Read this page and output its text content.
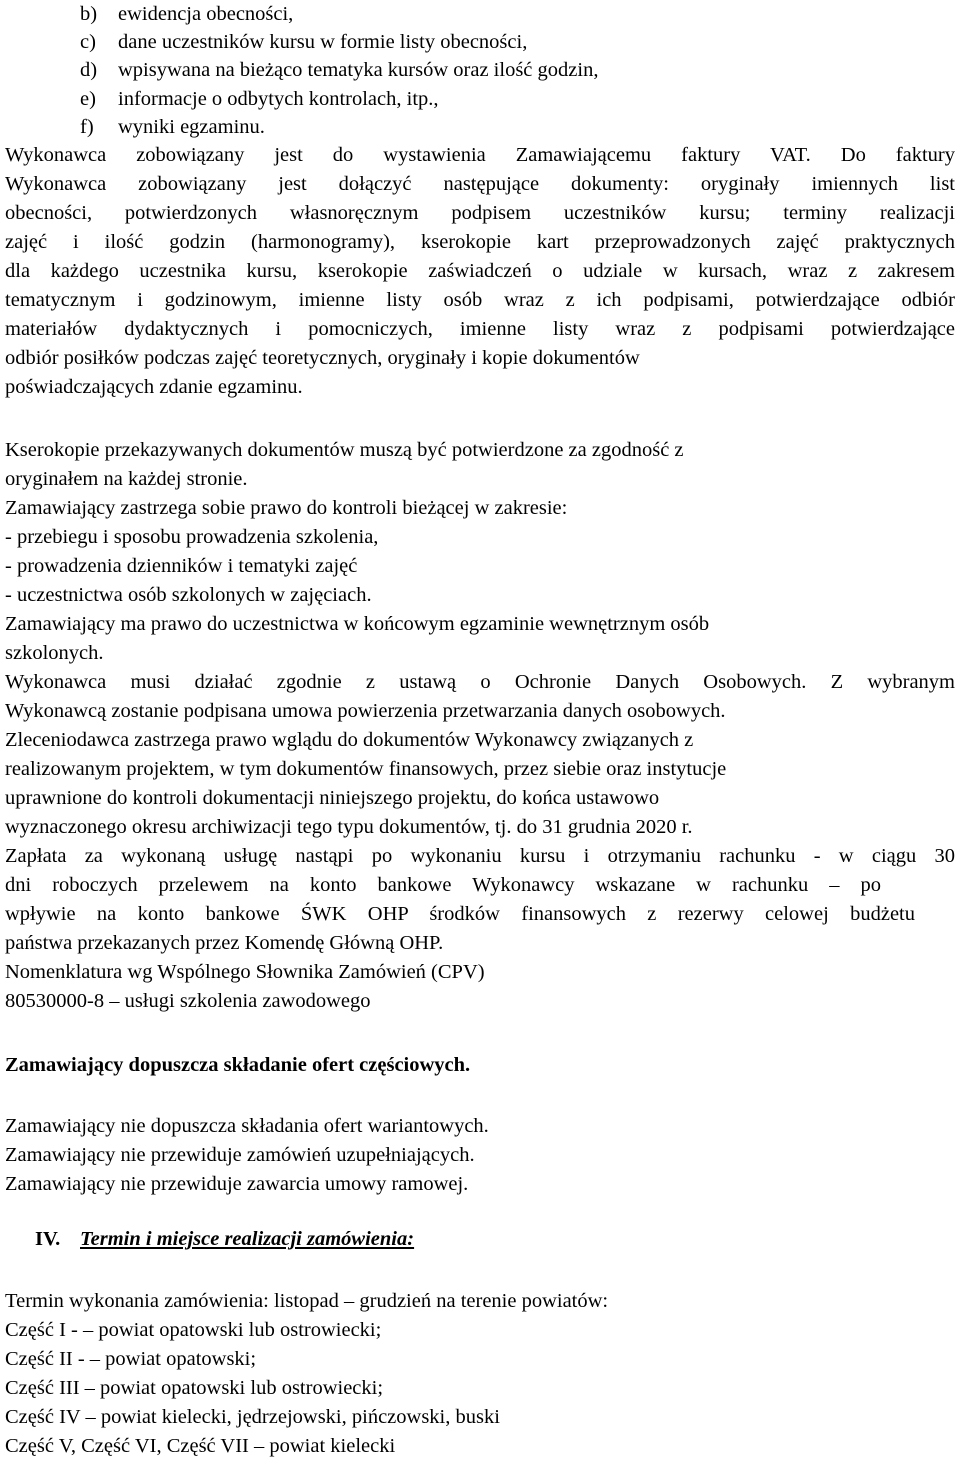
b) ewidencja obecności,
c) dane uczestników kursu w formie listy obecności,
d) wpisywana na bieżąco tematyka kursów oraz ilość godzin,
e) informacje o odbytych kontrolach, itp.,
f) wyniki egzaminu.
Wykonawca zobowiązany jest do wystawienia Zamawiającemu faktury VAT. Do faktury
Wykonawca zobowiązany jest dołączyć następujące dokumenty: oryginały imiennych list
obecności, potwierdzonych własnoręcznym podpisem uczestników kursu; terminy realizacji
zajęć i ilość godzin (harmonogramy), kserokopie kart przeprowadzonych zajęć praktycznych
dla każdego uczestnika kursu, kserokopie zaświadczeń o udziale w kursach, wraz z zakresem
tematycznym i godzinowym, imienne listy osób wraz z ich podpisami, potwierdzające odbiór
materiałów dydaktycznych i pomocniczych, imienne listy wraz z podpisami potwierdzające
odbiór posiłków podczas zajęć teoretycznych, oryginały i kopie dokumentów
poświadczających zdanie egzaminu.
Kserokopie przekazywanych dokumentów muszą być potwierdzone za zgodność z
oryginałem na każdej stronie.
Zamawiający zastrzega sobie prawo do kontroli bieżącej w zakresie:
- przebiegu i sposobu prowadzenia szkolenia,
- prowadzenia dzienników i tematyki zajęć
- uczestnictwa osób szkolonych w zajęciach.
Zamawiający ma prawo do uczestnictwa w końcowym egzaminie wewnętrznym osób
szkolonych.
Wykonawca musi działać zgodnie z ustawą o Ochronie Danych Osobowych. Z wybranym
Wykonawcą zostanie podpisana umowa powierzenia przetwarzania danych osobowych.
Zleceniodawca zastrzega prawo wglądu do dokumentów Wykonawcy związanych z
realizowanym projektem, w tym dokumentów finansowych, przez siebie oraz instytucje
uprawnione do kontroli dokumentacji niniejszego projektu, do końca ustawowo
wyznaczonego okresu archiwizacji tego typu dokumentów, tj. do 31 grudnia 2020 r.
Zapłata za wykonaną usługę nastąpi po wykonaniu kursu i otrzymaniu rachunku - w ciągu 30
dni roboczych przelewem na konto bankowe Wykonawcy wskazane w rachunku – po
wpływie na konto bankowe ŚWK OHP środków finansowych z rezerwy celowej budżetu
państwa przekazanych przez Komendę Główną OHP.
Nomenklatura wg Wspólnego Słownika Zamówień (CPV)
80530000-8 – usługi szkolenia zawodowego
Zamawiający dopuszcza składanie ofert częściowych.
Zamawiający nie dopuszcza składania ofert wariantowych.
Zamawiający nie przewiduje zamówień uzupełniających.
Zamawiający nie przewiduje zawarcia umowy ramowej.
IV. Termin i miejsce realizacji zamówienia:
Termin wykonania zamówienia: listopad – grudzień na terenie powiatów:
Część I - – powiat opatowski lub ostrowiecki;
Część II - – powiat opatowski;
Część III – powiat opatowski lub ostrowiecki;
Część IV – powiat kielecki, jędrzejowski, pińczowski, buski
Część V, Część VI, Część VII – powiat kielecki
